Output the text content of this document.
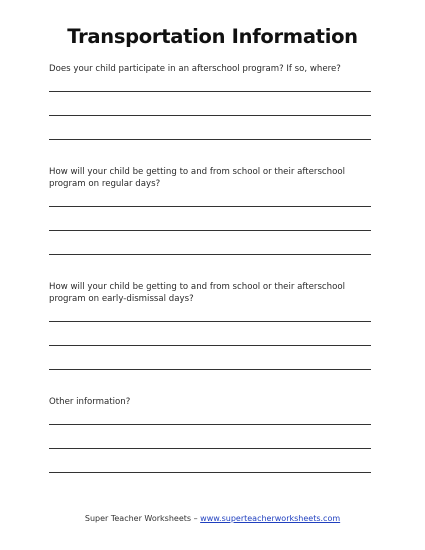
Transportation Information
Does your child participate in an afterschool program? If so, where?
How will your child be getting to and from school or their afterschool program on regular days?
How will your child be getting to and from school or their afterschool program on early-dismissal days?
Other information?
Super Teacher Worksheets – www.superteacherworksheets.com
